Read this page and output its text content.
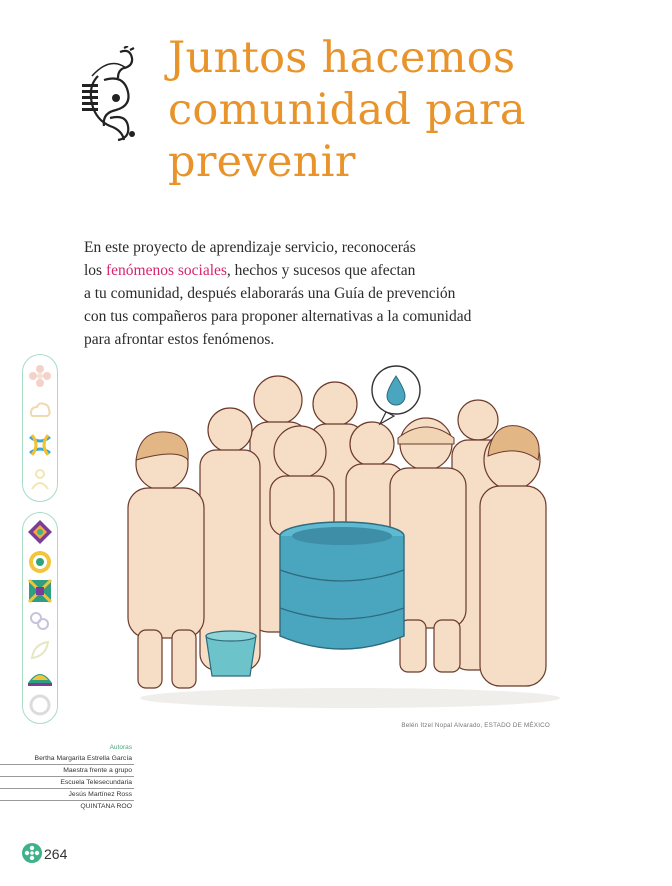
Juntos hacemos
comunidad para
prevenir
En este proyecto de aprendizaje servicio, reconocerás
los fenómenos sociales, hechos y sucesos que afectan
a tu comunidad, después elaborarás una Guía de prevención
con tus compañeros para proponer alternativas a la comunidad
para afrontar estos fenómenos.
Belén Itzel Nopal Alvarado, ESTADO DE MÉXICO
Autoras
Bertha Margarita Estrella García
Maestra frente a grupo
Escuela Telesecundaria
Jesús Martínez Ross
QUINTANA ROO
264
